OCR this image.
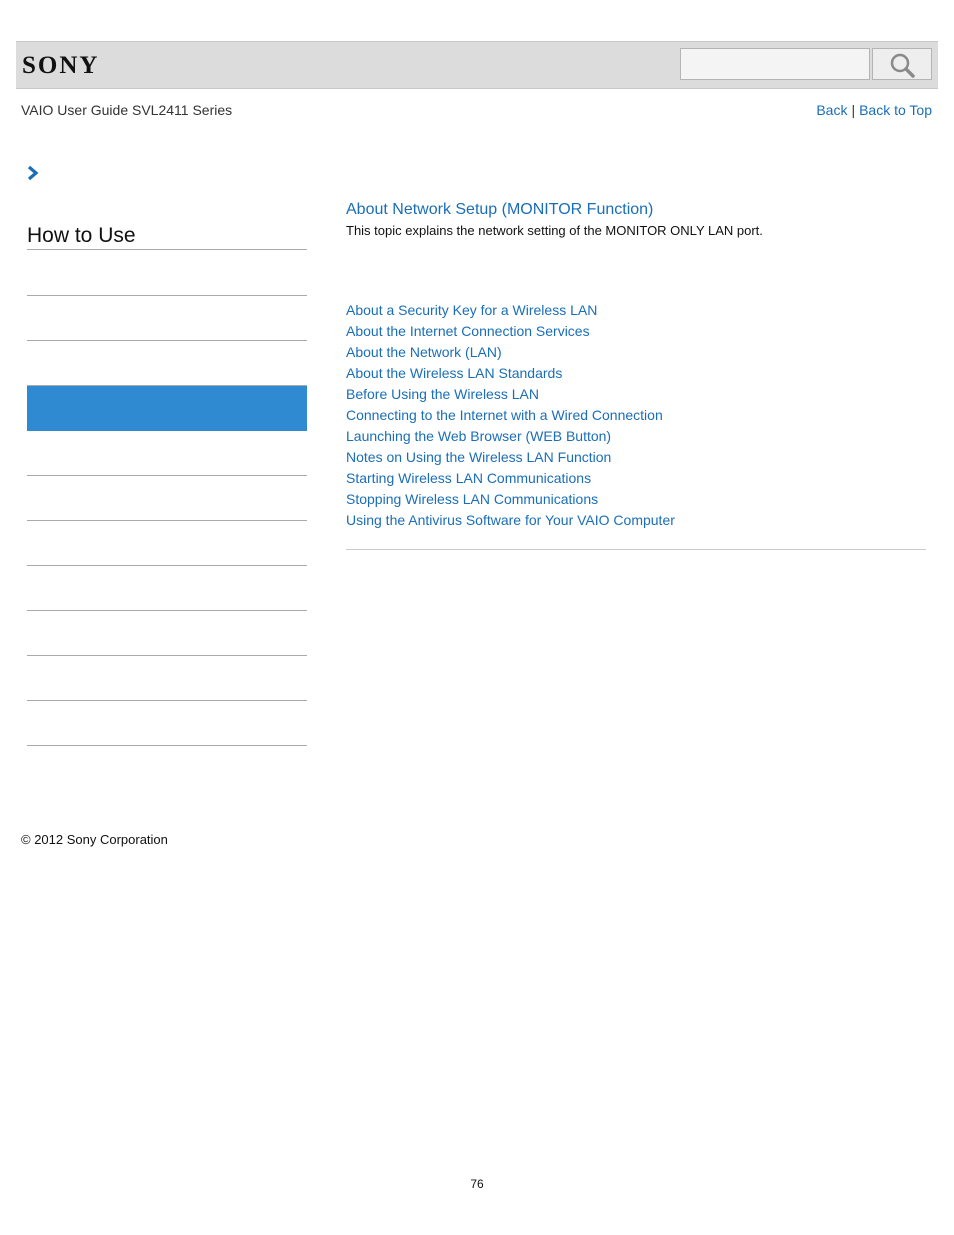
SONY
VAIO User Guide SVL2411 Series	Back | Back to Top
How to Use
About Network Setup (MONITOR Function)
This topic explains the network setting of the MONITOR ONLY LAN port.
About a Security Key for a Wireless LAN
About the Internet Connection Services
About the Network (LAN)
About the Wireless LAN Standards
Before Using the Wireless LAN
Connecting to the Internet with a Wired Connection
Launching the Web Browser (WEB Button)
Notes on Using the Wireless LAN Function
Starting Wireless LAN Communications
Stopping Wireless LAN Communications
Using the Antivirus Software for Your VAIO Computer
© 2012 Sony Corporation
76
